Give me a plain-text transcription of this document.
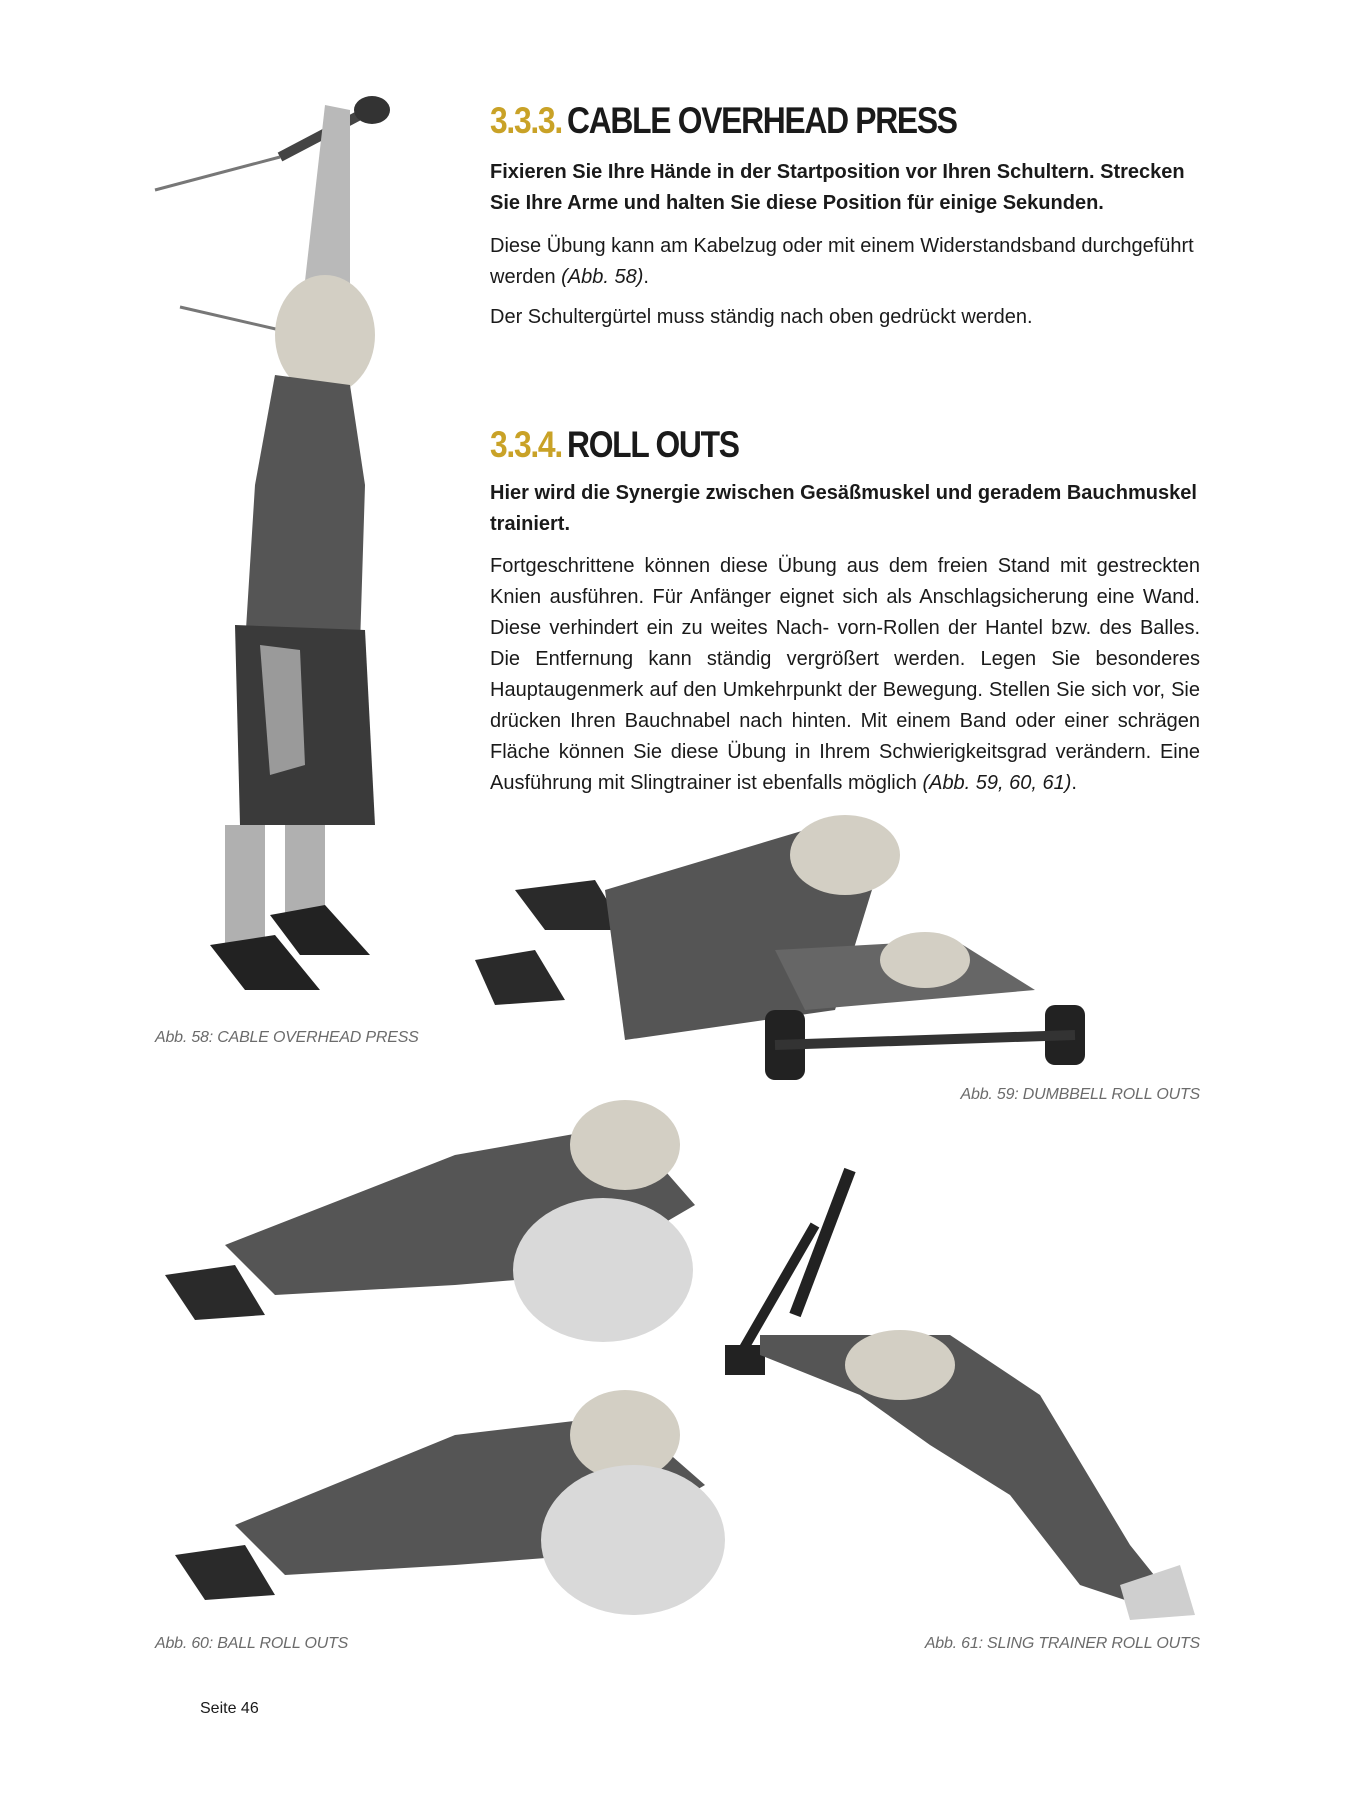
3.3.3. CABLE OVERHEAD PRESS

Fixieren Sie Ihre Hände in der Startposition vor Ihren Schultern. Strecken Sie Ihre Arme und halten Sie diese Position für einige Sekunden.

Diese Übung kann am Kabelzug oder mit einem Widerstandsband durchgeführt werden (Abb. 58).

Der Schultergürtel muss ständig nach oben gedrückt werden.

3.3.4. ROLL OUTS

Hier wird die Synergie zwischen Gesäßmuskel und geradem Bauchmuskel trainiert.

Fortgeschrittene können diese Übung aus dem freien Stand mit gestreckten Knien ausführen. Für Anfänger eignet sich als Anschlagsicherung eine Wand. Diese verhindert ein zu weites Nach- vorn-Rollen der Hantel bzw. des Balles. Die Entfernung kann ständig vergrößert werden. Legen Sie besonderes Hauptaugenmerk auf den Umkehrpunkt der Bewegung. Stellen Sie sich vor, Sie drücken Ihren Bauchnabel nach hinten. Mit einem Band oder einer schrägen Fläche können Sie diese Übung in Ihrem Schwierigkeitsgrad verändern. Eine Ausführung mit Slingtrainer ist ebenfalls möglich (Abb. 59, 60, 61).

Abb. 58: CABLE OVERHEAD PRESS
Abb. 59: DUMBBELL ROLL OUTS
Abb. 60: BALL ROLL OUTS	Abb. 61: SLING TRAINER ROLL OUTS
Seite 46
